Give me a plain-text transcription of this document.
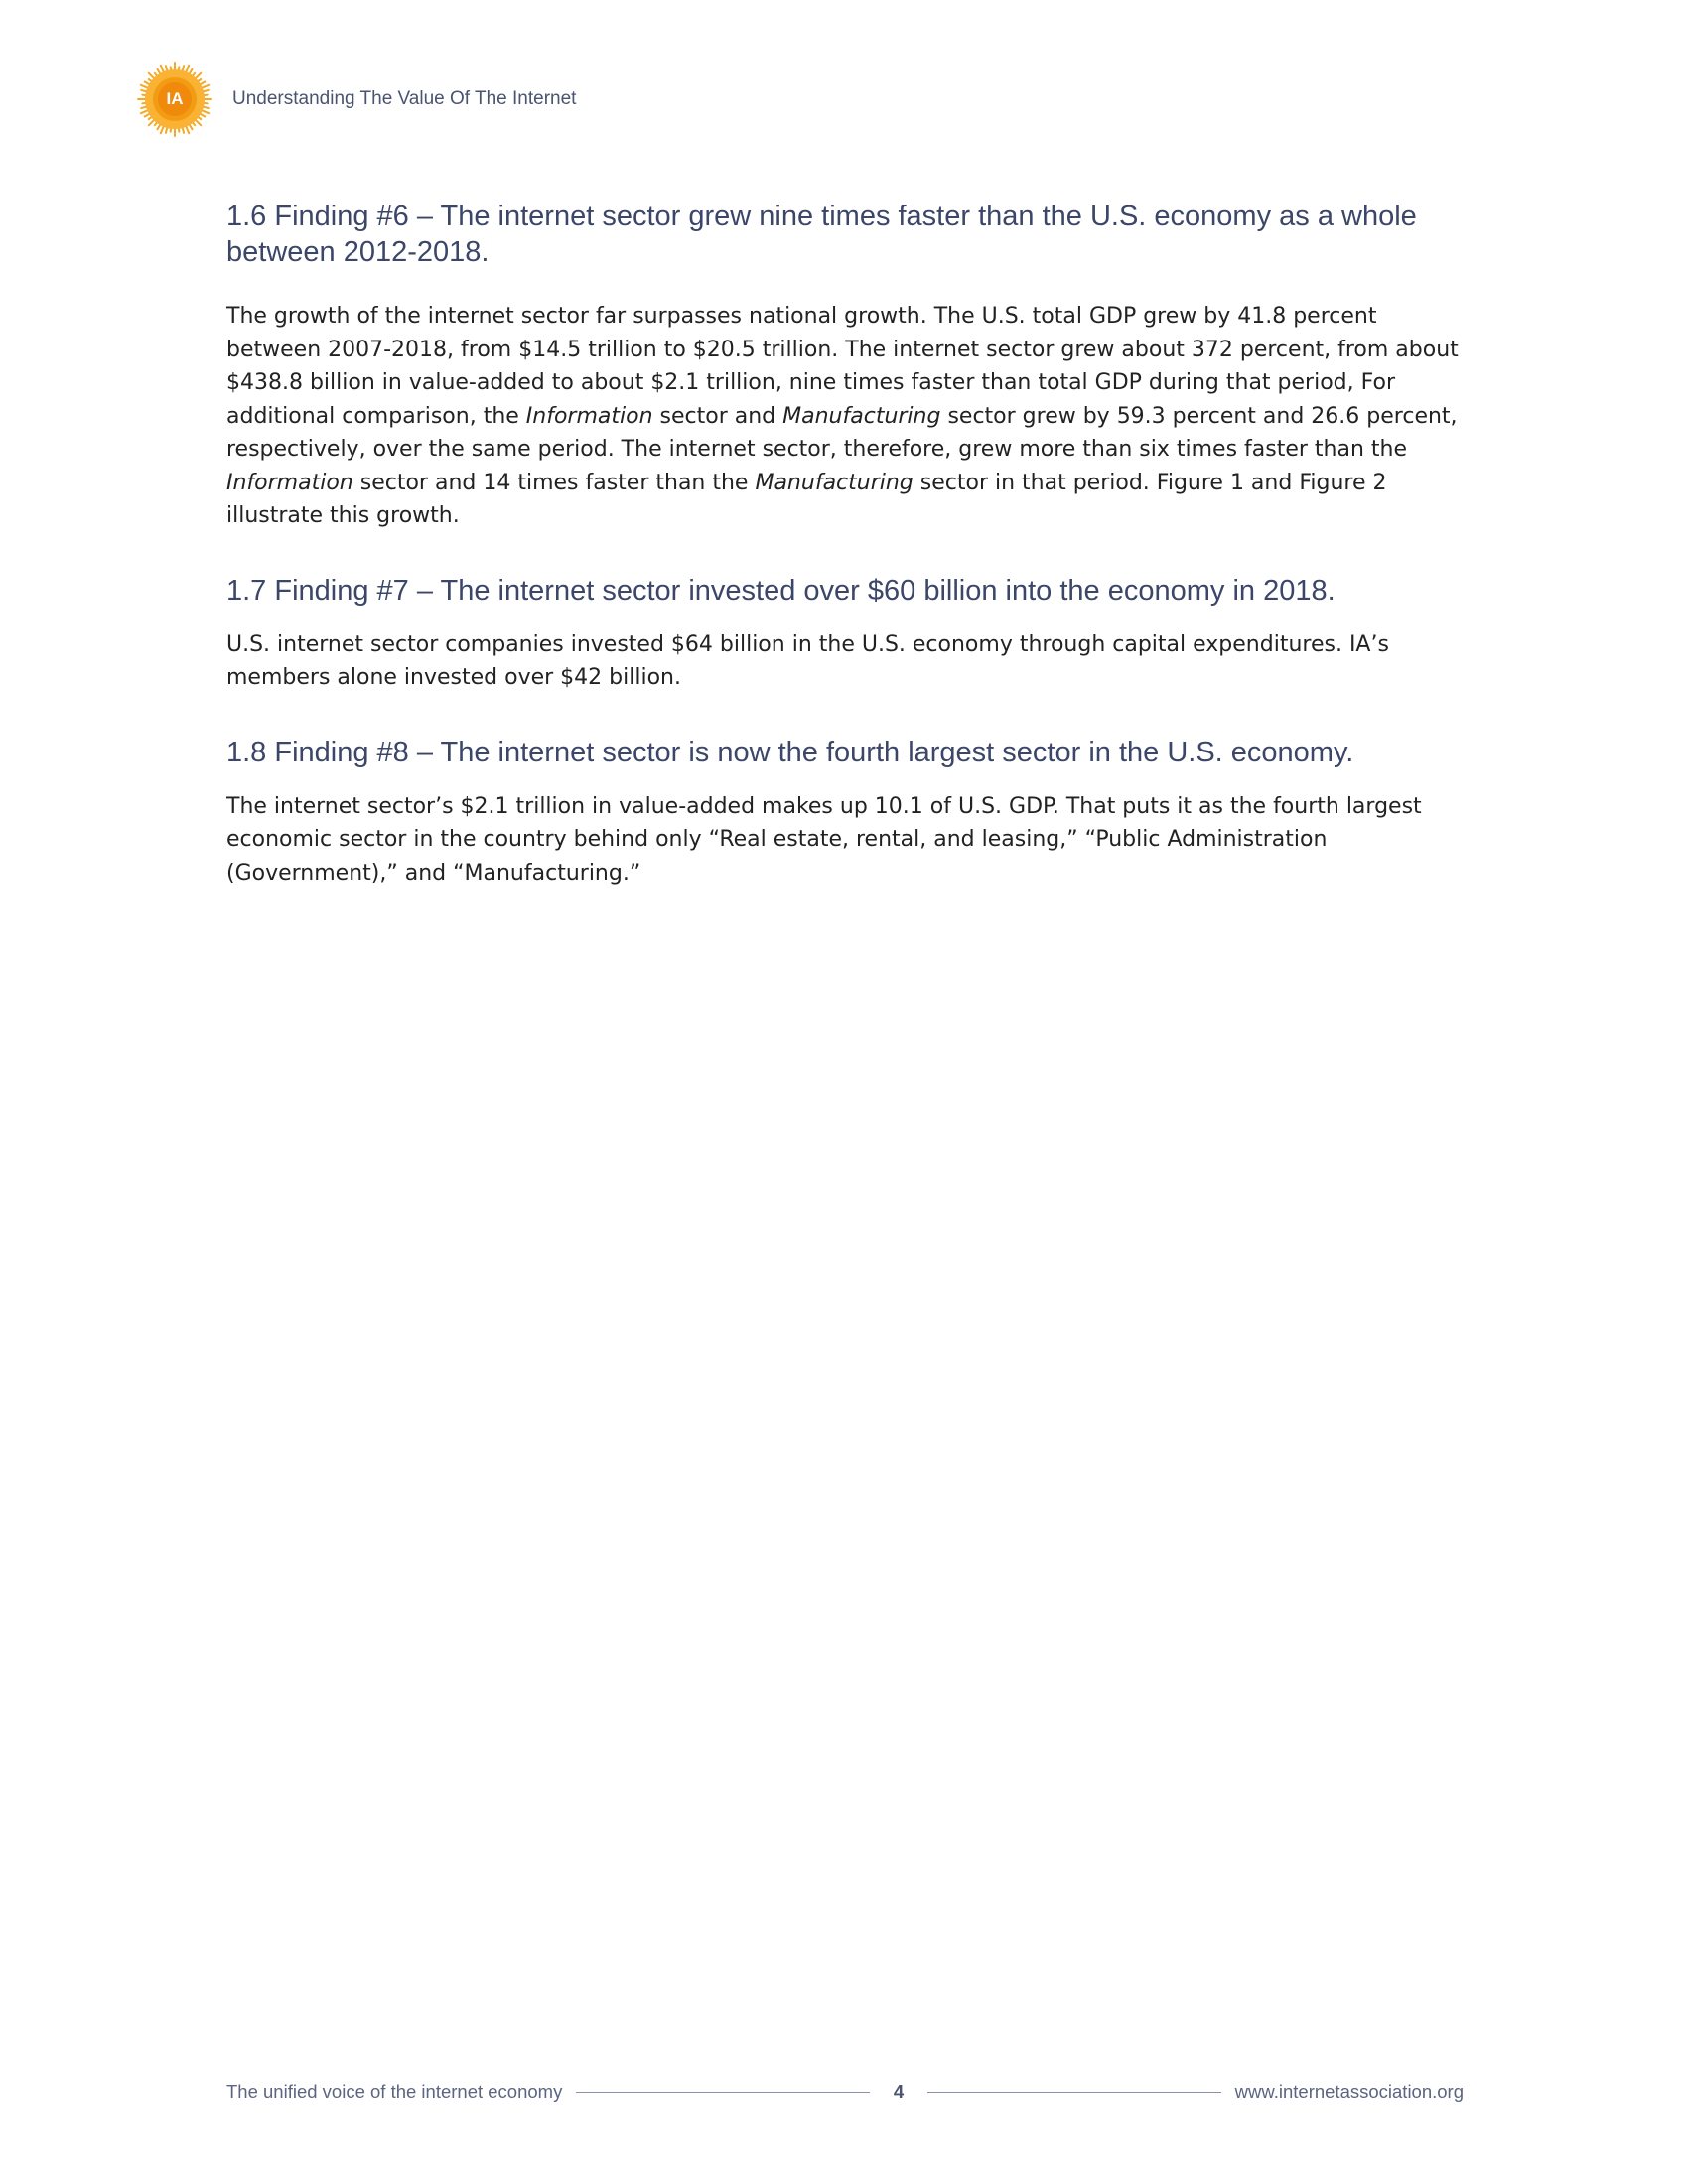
IA	Understanding The Value Of The Internet
1.6 Finding #6 – The internet sector grew nine times faster than the U.S. economy as a whole between 2012-2018.

The growth of the internet sector far surpasses national growth. The U.S. total GDP grew by 41.8 percent between 2007-2018, from $14.5 trillion to $20.5 trillion. The internet sector grew about 372 percent, from about $438.8 billion in value-added to about $2.1 trillion, nine times faster than total GDP during that period, For additional comparison, the Information sector and Manufacturing sector grew by 59.3 percent and 26.6 percent, respectively, over the same period. The internet sector, therefore, grew more than six times faster than the Information sector and 14 times faster than the Manufacturing sector in that period. Figure 1 and Figure 2 illustrate this growth.

1.7 Finding #7 – The internet sector invested over $60 billion into the economy in 2018.

U.S. internet sector companies invested $64 billion in the U.S. economy through capital expenditures. IA’s members alone invested over $42 billion.

1.8 Finding #8 – The internet sector is now the fourth largest sector in the U.S. economy.

The internet sector’s $2.1 trillion in value-added makes up 10.1 of U.S. GDP. That puts it as the fourth largest economic sector in the country behind only “Real estate, rental, and leasing,” “Public Administration (Government),” and “Manufacturing.”

The unified voice of the internet economy	4	www.internetassociation.org
